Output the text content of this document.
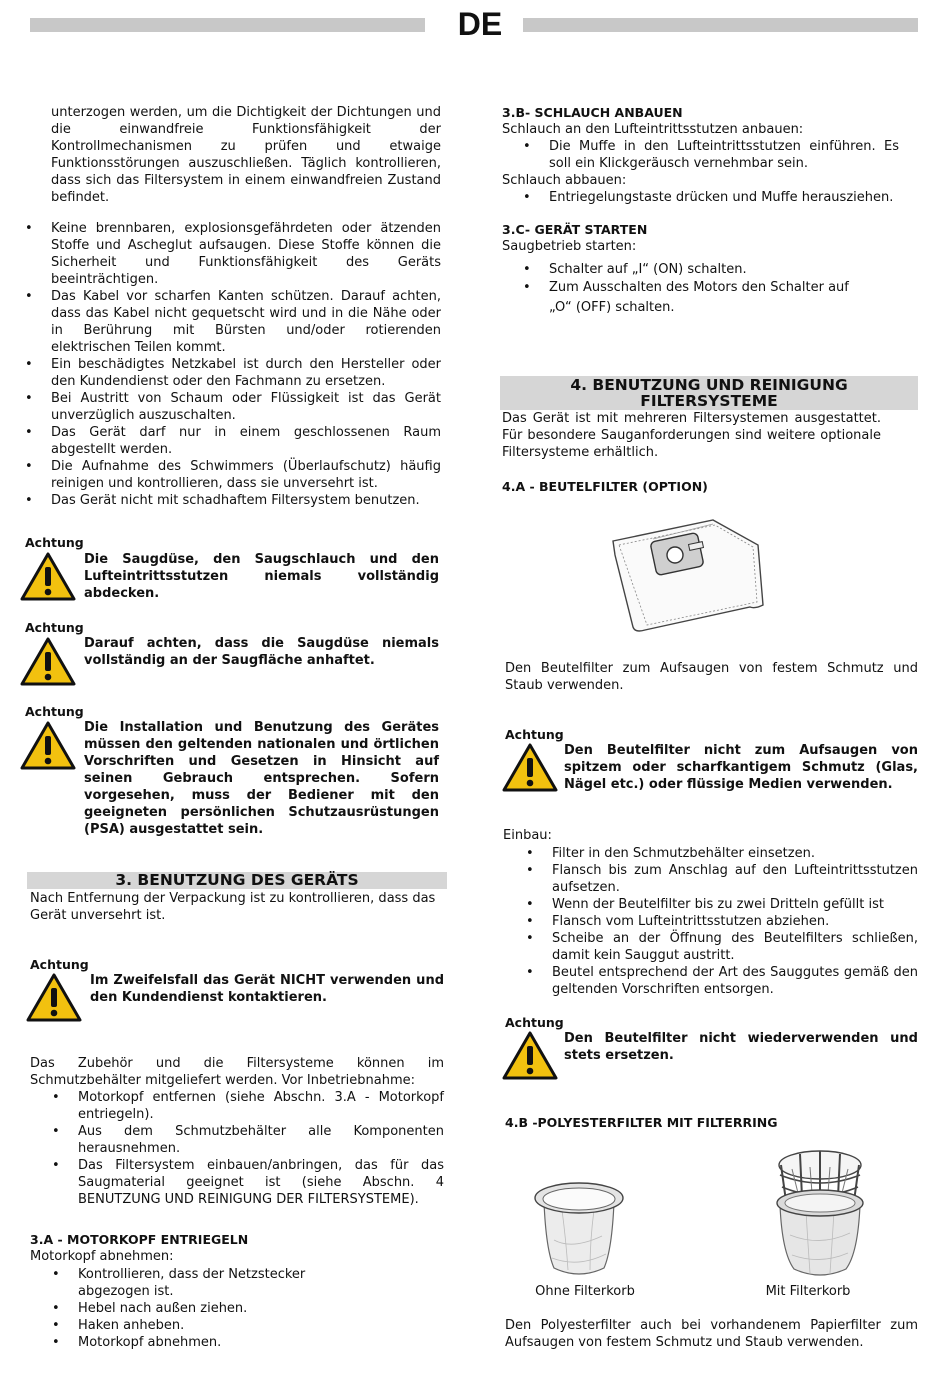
DE

unterzogen werden, um die Dichtigkeit der Dichtungen und die einwandfreie Funktionsfähigkeit der Kontrollmechanismen zu prüfen und etwaige Funktionsstörungen auszuschließen. Täglich kontrollieren, dass sich das Filtersystem in einem einwandfreien Zustand befindet.

• Keine brennbaren, explosionsgefährdeten oder ätzenden Stoffe und Ascheglut aufsaugen. Diese Stoffe können die Sicherheit und Funktionsfähigkeit des Geräts beeinträchtigen.
• Das Kabel vor scharfen Kanten schützen. Darauf achten, dass das Kabel nicht gequetscht wird und in die Nähe oder in Berührung mit Bürsten und/oder rotierenden elektrischen Teilen kommt.
• Ein beschädigtes Netzkabel ist durch den Hersteller oder den Kundendienst oder den Fachmann zu ersetzen.
• Bei Austritt von Schaum oder Flüssigkeit ist das Gerät unverzüglich auszuschalten.
• Das Gerät darf nur in einem geschlossenen Raum abgestellt werden.
• Die Aufnahme des Schwimmers (Überlaufschutz) häufig reinigen und kontrollieren, dass sie unversehrt ist.
• Das Gerät nicht mit schadhaftem Filtersystem benutzen.
Achtung

Die Saugdüse, den Saugschlauch und den Lufteintrittsstutzen niemals vollständig abdecken.

Achtung

Darauf achten, dass die Saugdüse niemals vollständig an der Saugfläche anhaftet.

Achtung

Die Installation und Benutzung des Gerätes müssen den geltenden nationalen und örtlichen Vorschriften und Gesetzen in Hinsicht auf seinen Gebrauch entsprechen. Sofern vorgesehen, muss der Bediener mit den geeigneten persönlichen Schutzausrüstungen (PSA) ausgestattet sein.

3. BENUTZUNG DES GERÄTS

Nach Entfernung der Verpackung ist zu kontrollieren, dass das Gerät unversehrt ist.

Achtung

Im Zweifelsfall das Gerät NICHT verwenden und den Kundendienst kontaktieren.

Das Zubehör und die Filtersysteme können im Schmutzbehälter mitgeliefert werden. Vor Inbetriebnahme:

• Motorkopf entfernen (siehe Abschn. 3.A - Motorkopf entriegeln).
• Aus dem Schmutzbehälter alle Komponenten herausnehmen.
• Das Filtersystem einbauen/anbringen, das für das Saugmaterial geeignet ist (siehe Abschn. 4 BENUTZUNG UND REINIGUNG DER FILTERSYSTEME).
3.A - MOTORKOPF ENTRIEGELN

Motorkopf abnehmen:

• Kontrollieren, dass der Netzstecker abgezogen ist.
• Hebel nach außen ziehen.
• Haken anheben.
• Motorkopf abnehmen.
3.B- SCHLAUCH ANBAUEN

Schlauch an den Lufteintrittsstutzen anbauen:

• Die Muffe in den Lufteintrittsstutzen einführen. Es soll ein Klickgeräusch vernehmbar sein.

Schlauch abbauen:

• Entriegelungstaste drücken und Muffe herausziehen.
3.C- GERÄT STARTEN

Saugbetrieb starten:

• Schalter auf „I“ (ON) schalten.
• Zum Ausschalten des Motors den Schalter auf

„O“ (OFF) schalten.

4. BENUTZUNG UND REINIGUNG
FILTERSYSTEME

Das Gerät ist mit mehreren Filtersystemen ausgestattet. Für besondere Sauganforderungen sind weitere optionale Filtersysteme erhältlich.

4.A - BEUTELFILTER (OPTION)

Den Beutelfilter zum Aufsaugen von festem Schmutz und Staub verwenden.

Achtung

Den Beutelfilter nicht zum Aufsaugen von spitzem oder scharfkantigem Schmutz (Glas, Nägel etc.) oder flüssige Medien verwenden.

Einbau:

• Filter in den Schmutzbehälter einsetzen.
• Flansch bis zum Anschlag auf den Lufteintrittsstutzen aufsetzen.
• Wenn der Beutelfilter bis zu zwei Dritteln gefüllt ist
• Flansch vom Lufteintrittsstutzen abziehen.
• Scheibe an der Öffnung des Beutelfilters schließen, damit kein Sauggut austritt.
• Beutel entsprechend der Art des Sauggutes gemäß den geltenden Vorschriften entsorgen.
Achtung

Den Beutelfilter nicht wiederverwenden und stets ersetzen.

4.B -POLYESTERFILTER MIT FILTERRING
Ohne Filterkorb	Mit Filterkorb

Den Polyesterfilter auch bei vorhandenem Papierfilter zum Aufsaugen von festem Schmutz und Staub verwenden.
